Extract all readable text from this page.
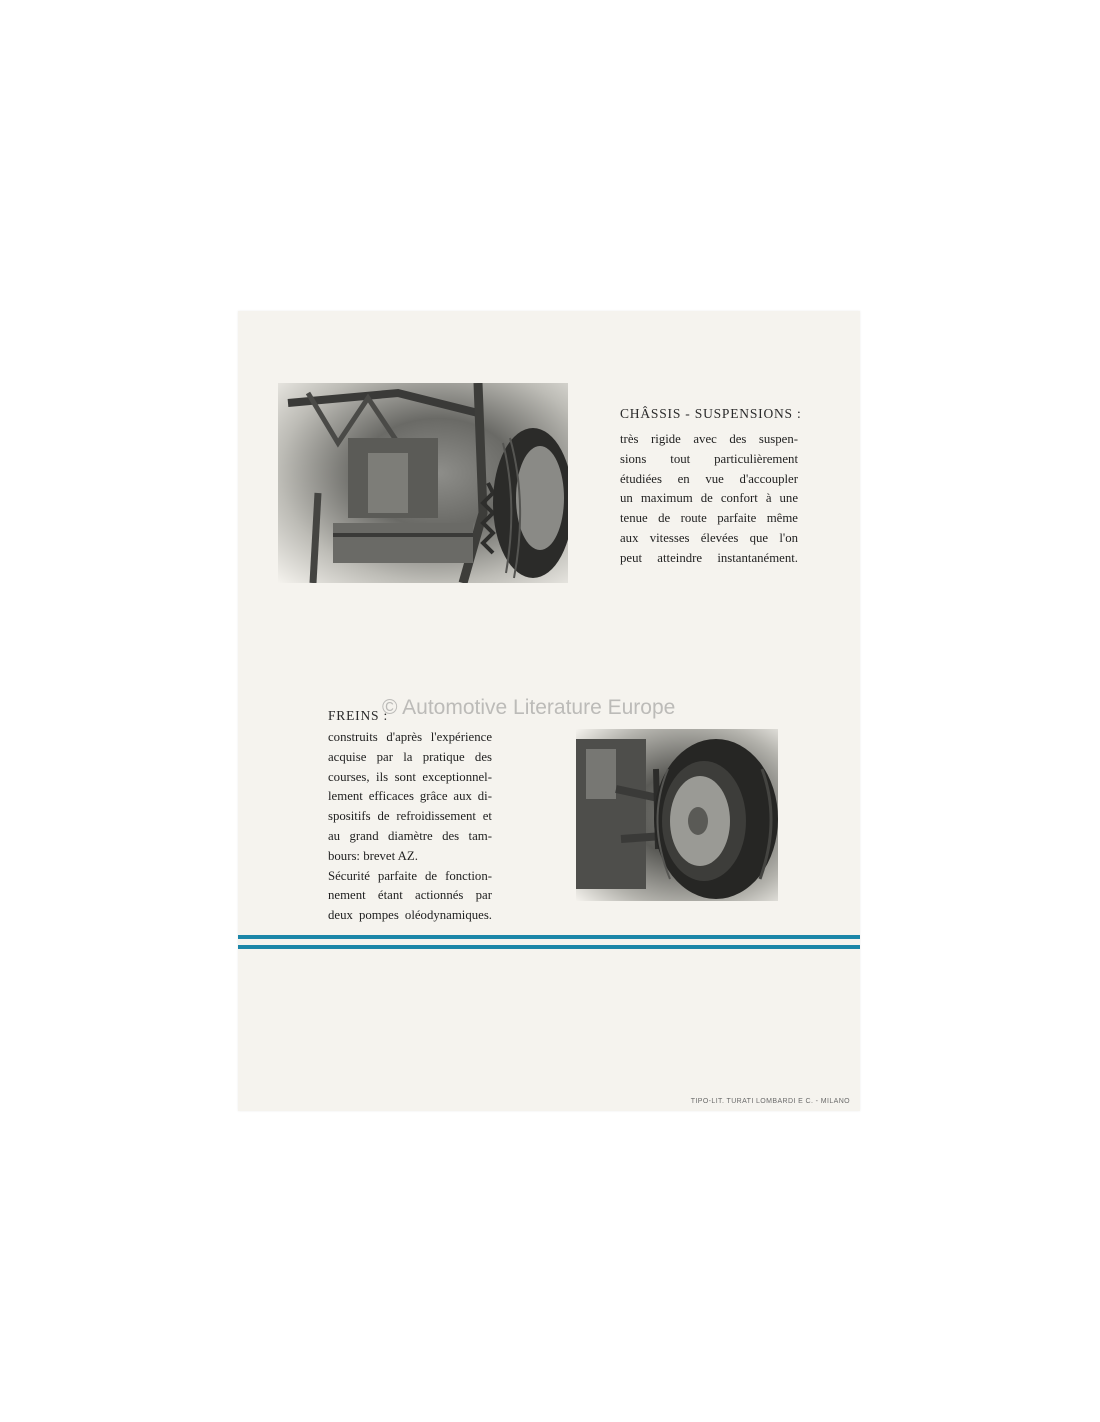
CHÂSSIS - SUSPENSIONS :
très rigide avec des suspen-
sions tout particulièrement
étudiées en vue d'accoupler
un maximum de confort à une
tenue de route parfaite même
aux vitesses élevées que l'on
peut atteindre instantanément.
FREINS :
© Automotive Literature Europe
construits d'après l'expérience
acquise par la pratique des
courses, ils sont exceptionnel-
lement efficaces grâce aux di-
spositifs de refroidissement et
au grand diamètre des tam-
bours: brevet AZ.
Sécurité parfaite de fonction-
nement étant actionnés par
deux pompes oléodynamiques.
TIPO-LIT. TURATI LOMBARDI E C. - MILANO
